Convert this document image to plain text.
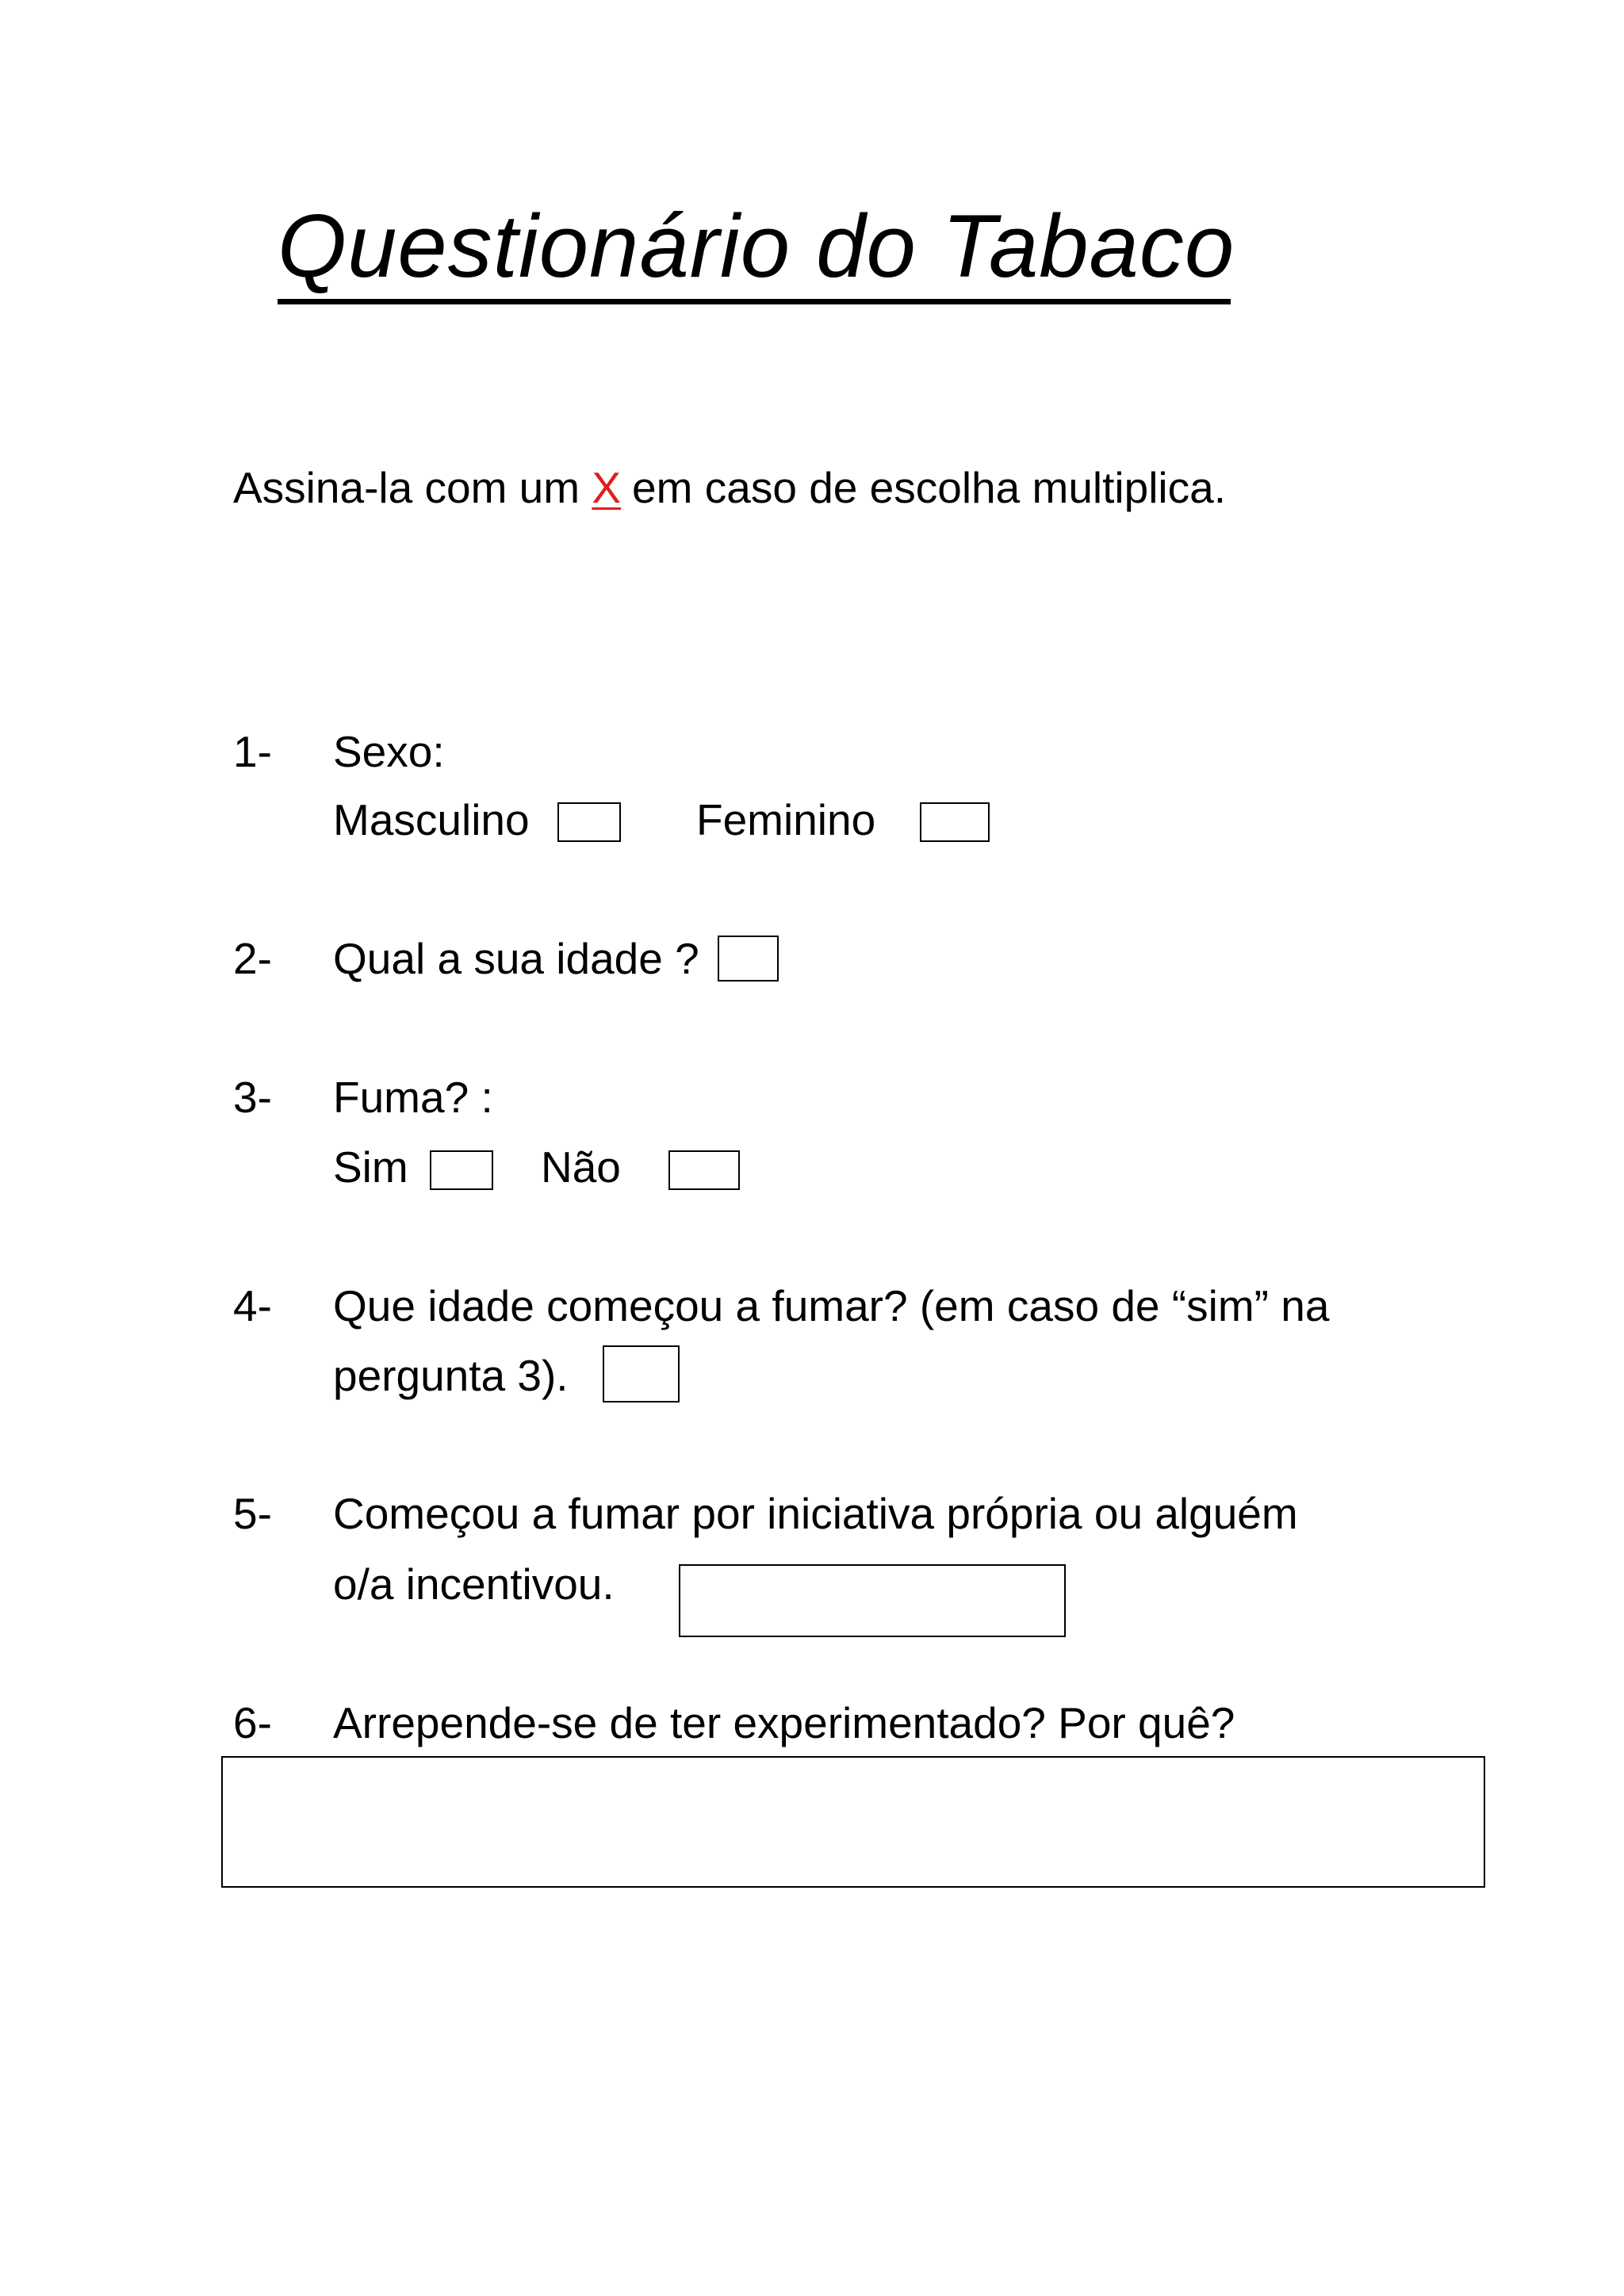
Questionário do Tabaco
Assina-la com um X em caso de escolha multiplica.
1- Sexo:
Masculino	Feminino
2- Qual a sua idade ?
3- Fuma? :
Sim	Não
4- Que idade começou a fumar? (em caso de “sim” na
pergunta 3).
5- Começou a fumar por iniciativa própria ou alguém
o/a incentivou.
6- Arrepende-se de ter experimentado? Por quê?
